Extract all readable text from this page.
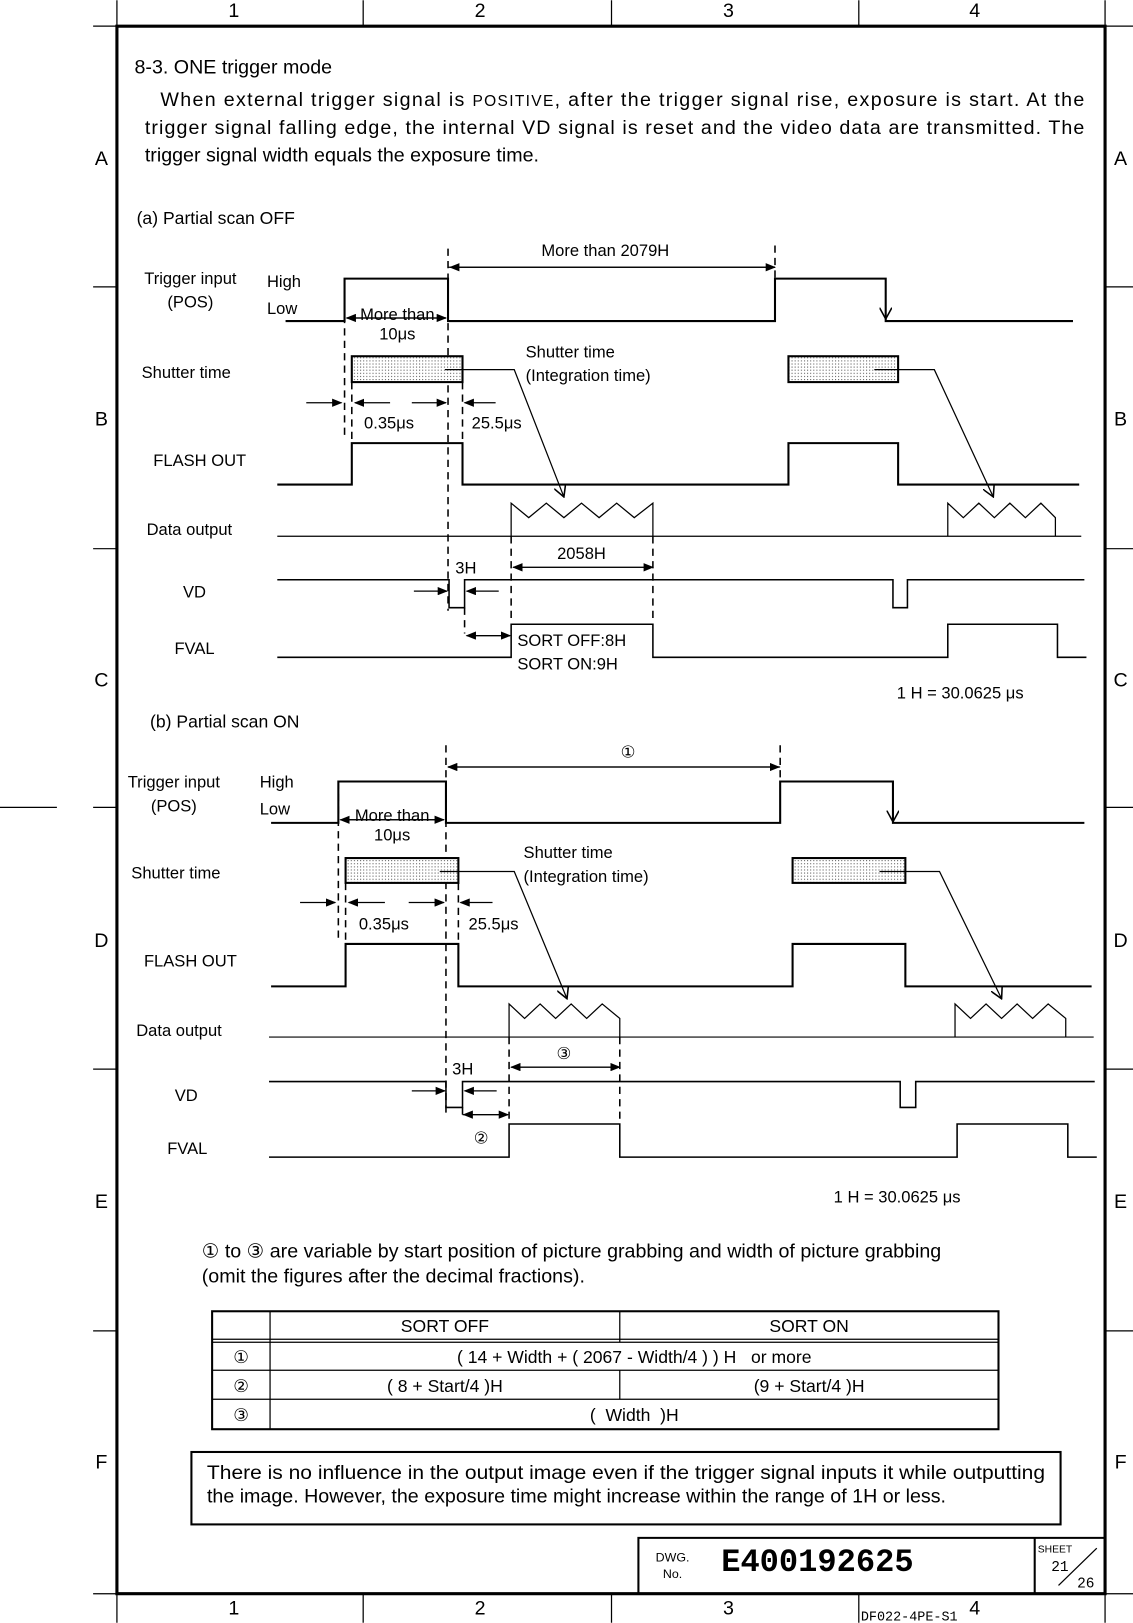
1	2	3	4
1	2	3	4
A
B
C
D
E
F
A
B
C
D
E
F
8-3. ONE trigger mode
When external trigger signal is POSITIVE, after the trigger signal rise, exposure is start. At the
trigger signal falling edge, the internal VD signal is reset and the video data are transmitted. The
trigger signal width equals the exposure time.
(a) Partial scan OFF
Trigger input
(POS)
Shutter time
FLASH OUT
Data output
VD
FVAL
More than 2079H
More than
10μs
0.35μs	25.5μs
2058H
High
Low
Shutter time
(Integration time)
3H
SORT OFF:8H
SORT ON:9H
1 H = 30.0625 μs
(b) Partial scan ON
Trigger input
(POS)
Shutter time
FLASH OUT
Data output
VD
FVAL
①
More than
10μs
0.35μs	25.5μs
③
②
1 H = 30.0625 μs
High
Low
Shutter time
(Integration time)
3H
① to ③ are variable by start position of picture grabbing and width of picture grabbing
(omit the figures after the decimal fractions).
SORT OFF	SORT ON
①	( 14 + Width + ( 2067 - Width/4 ) ) H   or more
②	( 8 + Start/4 )H	(9 + Start/4 )H
③	(  Width  )H
There is no influence in the output image even if the trigger signal inputs it while outputting
the image. However, the exposure time might increase within the range of 1H or less.
DWG.
No. E400192625	SHEET
21
26
DF022-4PE-S1
